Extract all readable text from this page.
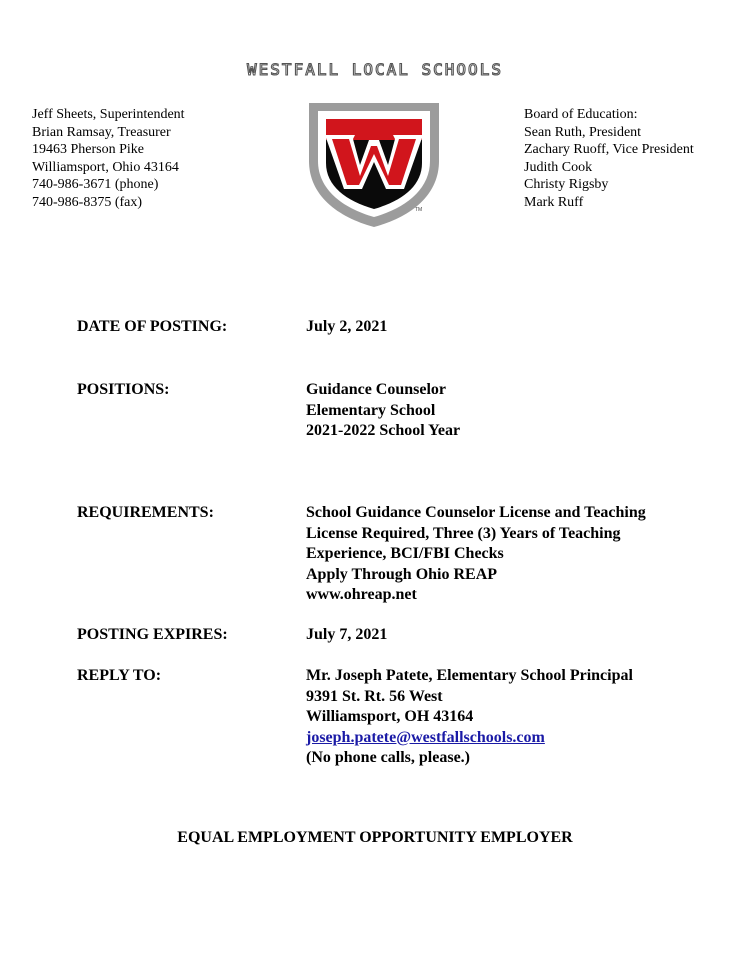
WESTFALL LOCAL SCHOOLS
Jeff Sheets, Superintendent
Brian Ramsay, Treasurer
19463 Pherson Pike
Williamsport, Ohio 43164
740-986-3671 (phone)
740-986-8375 (fax)
TM
Board of Education:
Sean Ruth, President
Zachary Ruoff, Vice President
Judith Cook
Christy Rigsby
Mark Ruff
DATE OF POSTING:	July 2, 2021
POSITIONS:	Guidance Counselor
Elementary School
2021-2022 School Year
REQUIREMENTS:	School Guidance Counselor License and Teaching
License Required, Three (3) Years of Teaching
Experience, BCI/FBI Checks
Apply Through Ohio REAP
www.ohreap.net
POSTING EXPIRES:	July 7, 2021
REPLY TO:	Mr. Joseph Patete, Elementary School Principal
9391 St. Rt. 56 West
Williamsport, OH 43164
joseph.patete@westfallschools.com
(No phone calls, please.)
EQUAL EMPLOYMENT OPPORTUNITY EMPLOYER
